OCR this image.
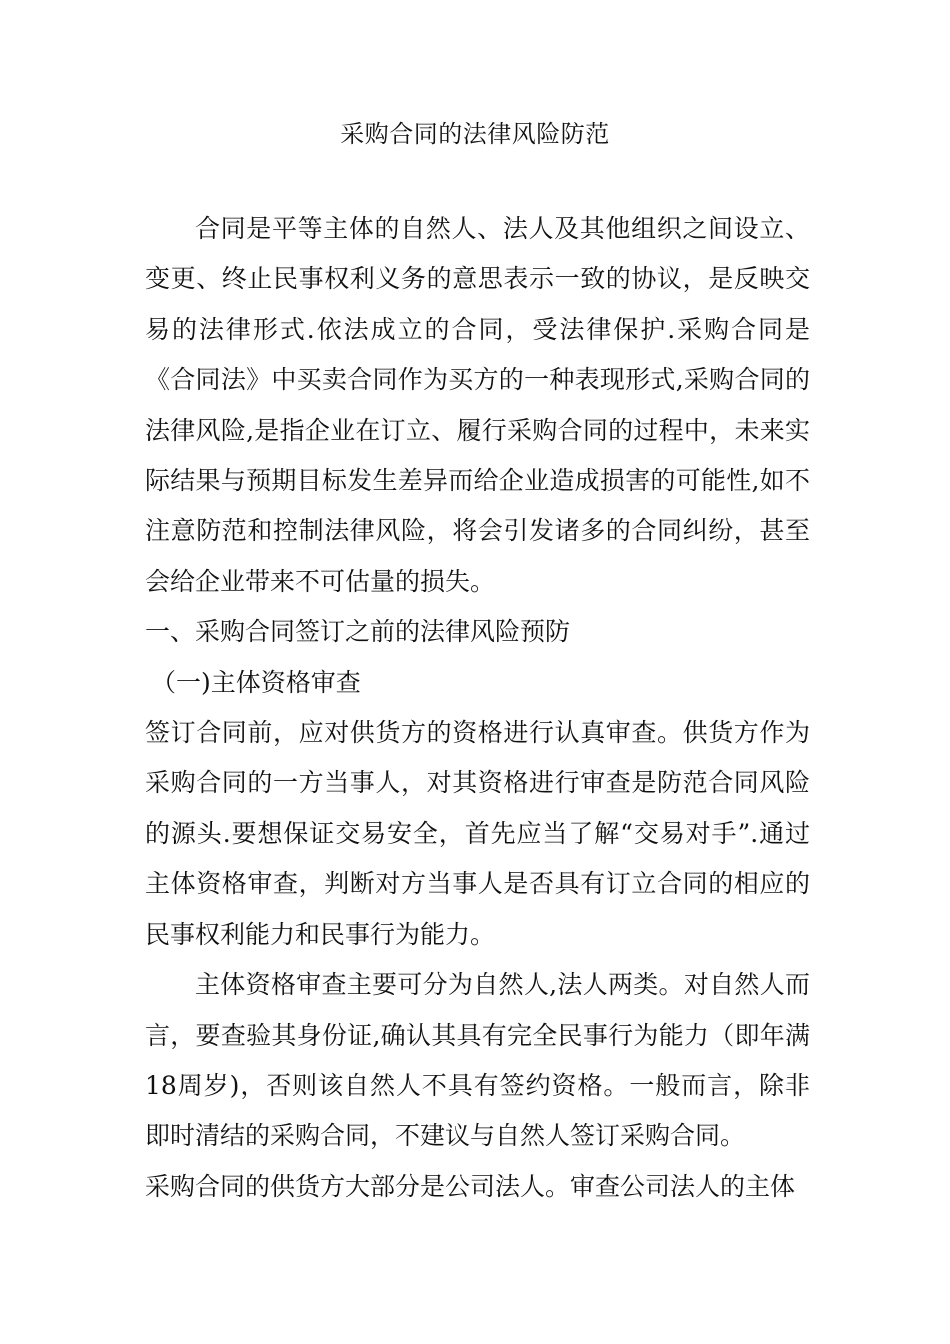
采购合同的法律风险防范

合同是平等主体的自然人、法人及其他组织之间设立、变更、终止民事权利义务的意思表示一致的协议，是反映交易的法律形式.依法成立的合同，受法律保护.采购合同是《合同法》中买卖合同作为买方的一种表现形式,采购合同的法律风险,是指企业在订立、履行采购合同的过程中，未来实际结果与预期目标发生差异而给企业造成损害的可能性,如不注意防范和控制法律风险，将会引发诸多的合同纠纷，甚至会给企业带来不可估量的损失。

一、采购合同签订之前的法律风险预防

（一)主体资格审查

签订合同前，应对供货方的资格进行认真审查。供货方作为采购合同的一方当事人，对其资格进行审查是防范合同风险的源头.要想保证交易安全，首先应当了解“交易对手”.通过主体资格审查，判断对方当事人是否具有订立合同的相应的民事权利能力和民事行为能力。

主体资格审查主要可分为自然人,法人两类。对自然人而言，要查验其身份证,确认其具有完全民事行为能力（即年满18周岁)，否则该自然人不具有签约资格。一般而言，除非即时清结的采购合同，不建议与自然人签订采购合同。

采购合同的供货方大部分是公司法人。审查公司法人的主体
